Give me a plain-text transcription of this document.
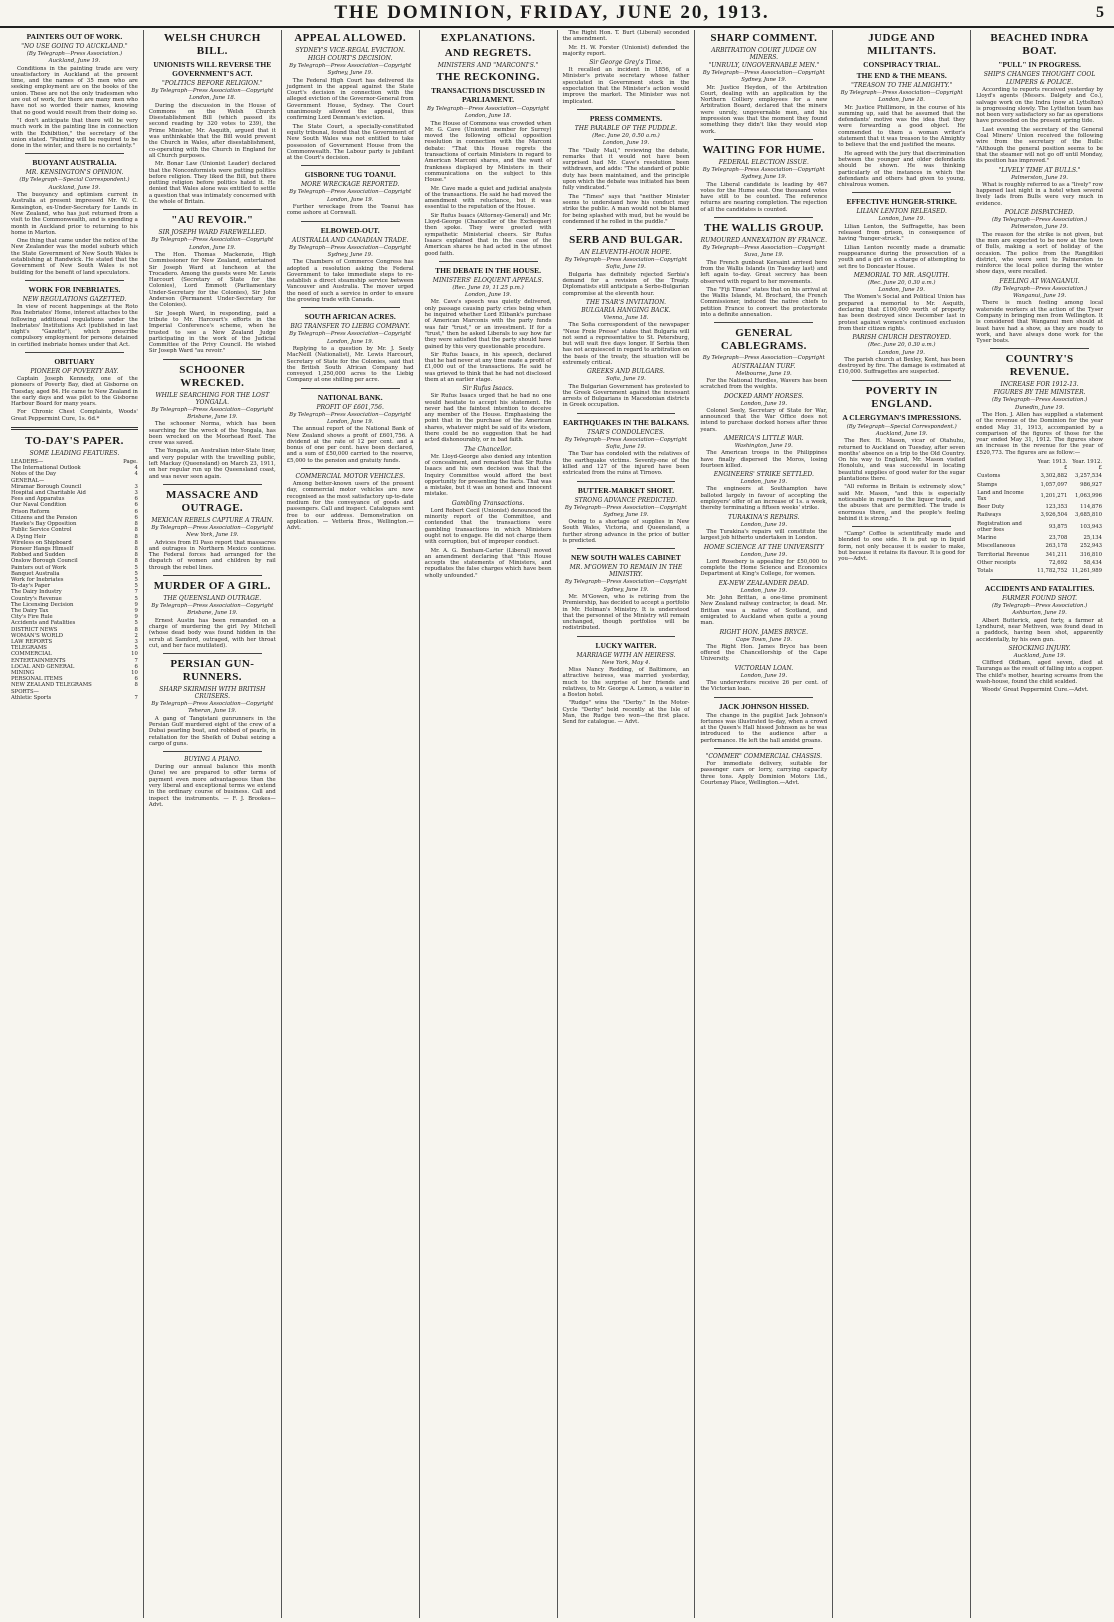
THE DOMINION, FRIDAY, JUNE 20, 1913.	5
PAINTERS OUT OF WORK.
"NO USE GOING TO AUCKLAND."
(By Telegraph—Press Association.)
Auckland, June 19.

Conditions in the painting trade are very unsatisfactory in Auckland at the present time, and the names of 35 men who are seeking employment are on the books of the union. These are not the only tradesmen who are out of work, for there are many men who have not so worded their names, knowing that no good would result from their doing so.

"I don't anticipate that there will be very much work in the painting line in connection with the Exhibition," the secretary of the union stated. "Painting will be required to be done in the winter, and there is no certainty."

BUOYANT AUSTRALIA.
MR. KENSINGTON'S OPINION.
(By Telegraph—Special Correspondent.)
Auckland, June 19.

The buoyancy and optimism current in Australia at present impressed Mr. W. C. Kensington, ex-Under-Secretary for Lands in New Zealand, who has just returned from a visit to the Commonwealth, and is spending a month in Auckland prior to returning to his home in Marton.

One thing that came under the notice of the New Zealander was the model suburb which the State Government of New South Wales is establishing at Randwick. He stated that the Government of New South Wales is not building for the benefit of land speculators.

WORK FOR INEBRIATES.
NEW REGULATIONS GAZETTED.

In view of recent happenings at the Roto Roa Inebriates' Home, interest attaches to the following additional regulations under the Inebriates' Institutions Act (published in last night's "Gazette"), which prescribe compulsory employment for persons detained in certified inebriate homes under that Act.

OBITUARY
PIONEER OF POVERTY BAY.

Captain Joseph Kennedy, one of the pioneers of Poverty Bay, died at Gisborne on Tuesday, aged 84. He came to New Zealand in the early days and was pilot to the Gisborne Harbour Board for many years.

For Chronic Chest Complaints, Woods' Great Peppermint Cure, 1s. 6d.*

TO-DAY'S PAPER.
SOME LEADING FEATURES.
LEADERS—	Page.
The International Outlook	4
Notes of the Day	4
GENERAL—
Miramar Borough Council	3
Hospital and Charitable Aid	3
Fees and Apparatus	6
Our Naval Condition	6
Prison Reform	6
Citizens and the Pension	6
Hawke's Bay Opposition	8
Public Service Control	8
A Dying Heir	8
Wireless on Shipboard	8
Pioneer Hangs Himself	8
Robbed and Sudden	8
Onslow Borough Council	8
Painters out of Work	5
Banquet Australia	5
Work for Inebriates	5
To-day's Paper	5
The Dairy Industry	7
Country's Revenue	5
The Licensing Decision	9
The Dairy Tax	9
City's Fire Rule	9
Accidents and Fatalities	5
DISTRICT NEWS	8
WOMAN'S WORLD	2
LAW REPORTS	3
TELEGRAMS	5
COMMERCIAL	10
ENTERTAINMENTS	7
LOCAL AND GENERAL	6
MINING	10
PERSONAL ITEMS	6
NEW ZEALAND TELEGRAMS	8
SPORTS—
Athletic Sports	7
WELSH CHURCH BILL.
UNIONISTS WILL REVERSE THE GOVERNMENT'S ACT.
"POLITICS BEFORE RELIGION."
By Telegraph—Press Association—Copyright
London, June 18.

During the discussion in the House of Commons on the Welsh Church Disestablishment Bill (which passed its second reading by 320 votes to 239), the Prime Minister, Mr. Asquith, argued that it was unthinkable that the Bill would prevent the Church in Wales, after disestablishment, co-operating with the Church in England for all Church purposes.

Mr. Bonar Law (Unionist Leader) declared that the Nonconformists were putting politics before religion. They liked the Bill, but there putting religion before politics hated it. He denied that Wales alone was entitled to settle a question that was intimately concerned with the whole of Britain.

"AU REVOIR."
SIR JOSEPH WARD FAREWELLED.
By Telegraph—Press Association—Copyright
London, June 19.

The Hon. Thomas Mackenzie, High Commissioner for New Zealand, entertained Sir Joseph Ward at luncheon at the Trocadero. Among the guests were Mr. Lewis Harcourt (Secretary of State for the Colonies), Lord Emmott (Parliamentary Under-Secretary for the Colonies), Sir John Anderson (Permanent Under-Secretary for the Colonies).

Sir Joseph Ward, in responding, paid a tribute to Mr. Harcourt's efforts in the Imperial Conference's scheme, when he trusted to see a New Zealand Judge participating in the work of the Judicial Committee of the Privy Council. He wished Sir Joseph Ward "au revoir."

SCHOONER WRECKED.
WHILE SEARCHING FOR THE LOST YONGALA.
By Telegraph—Press Association—Copyright
Brisbane, June 19.

The schooner Norma, which has been searching for the wreck of the Yongala, has been wrecked on the Moorhead Reef. The crew was saved.

The Yongala, an Australian inter-State liner, and very popular with the travelling public, left Mackay (Queensland) on March 23, 1911, on her regular run up the Queensland coast, and was never seen again.

MASSACRE AND OUTRAGE.
MEXICAN REBELS CAPTURE A TRAIN.
By Telegraph—Press Association—Copyright
New York, June 19.

Advices from El Paso report that massacres and outrages in Northern Mexico continue. The Federal forces had arranged for the dispatch of women and children by rail through the rebel lines.

MURDER OF A GIRL.
THE QUEENSLAND OUTRAGE.
By Telegraph—Press Association—Copyright
Brisbane, June 19.

Ernest Austin has been remanded on a charge of murdering the girl Ivy Mitchell (whose dead body was found hidden in the scrub at Samford, outraged, with her throat cut, and her face mutilated).

PERSIAN GUN-RUNNERS.
SHARP SKIRMISH WITH BRITISH CRUISERS.
By Telegraph—Press Association—Copyright
Teheran, June 19.

A gang of Tangistani gunrunners in the Persian Gulf murdered eight of the crew of a Dubai pearling boat, and robbed of pearls, in retaliation for the Sheikh of Dubai seizing a cargo of guns.

BUYING A PIANO.

During our annual balance this month (June) we are prepared to offer terms of payment even more advantageous than the very liberal and exceptional terms we extend in the ordinary course of business. Call and inspect the instruments. — F. J. Brookes—Advt.

APPEAL ALLOWED.
SYDNEY'S VICE-REGAL EVICTION.
HIGH COURT'S DECISION.
By Telegraph—Press Association—Copyright
Sydney, June 19.

The Federal High Court has delivered its judgment in the appeal against the State Court's decision in connection with the alleged eviction of the Governor-General from Government House, Sydney. The Court unanimously allowed the appeal, thus confirming Lord Denman's eviction.

The State Court, a specially-constituted equity tribunal, found that the Government of New South Wales was not entitled to take possession of Government House from the Commonwealth. The Labour party is jubilant at the Court's decision.

GISBORNE TUG TOANUI.
MORE WRECKAGE REPORTED.
By Telegraph—Press Association—Copyright
London, June 19.

Further wreckage from the Toanui has come ashore at Cornwall.

ELBOWED-OUT.
AUSTRALIA AND CANADIAN TRADE.
By Telegraph—Press Association—Copyright
Sydney, June 19.

The Chambers of Commerce Congress has adopted a resolution asking the Federal Government to take immediate steps to re-establish a direct steamship service between Vancouver and Australia. The mover urged the need of such a service in order to ensure the growing trade with Canada.

SOUTH AFRICAN ACRES.
BIG TRANSFER TO LIEBIG COMPANY.
By Telegraph—Press Association—Copyright
London, June 19.

Replying to a question by Mr. J. Seely MacNeill (Nationalist), Mr. Lewis Harcourt, Secretary of State for the Colonies, said that the British South African Company had conveyed 1,250,000 acres to the Liebig Company at one shilling per acre.

NATIONAL BANK.
PROFIT OF £601,756.
By Telegraph—Press Association—Copyright
London, June 19.

The annual report of the National Bank of New Zealand shows a profit of £601,756. A dividend at the rate of 12 per cent. and a bonus of one per cent. have been declared, and a sum of £50,000 carried to the reserve, £5,000 to the pension and gratuity funds.

COMMERCIAL MOTOR VEHICLES.

Among better-known users of the present day, commercial motor vehicles are now recognised as the most satisfactory up-to-date medium for the conveyance of goods and passengers. Call and inspect. Catalogues sent free to our address. Demonstration on application. — Vetteria Bros., Wellington.—Advt.

EXPLANATIONS.
AND REGRETS.
MINISTERS AND "MARCONI'S."
THE RECKONING.
TRANSACTIONS DISCUSSED IN PARLIAMENT.
By Telegraph—Press Association—Copyright
London, June 18.

The House of Commons was crowded when Mr. G. Cave (Unionist member for Surrey) moved the following official opposition resolution in connection with the Marconi debate: "That this House regrets the transactions of certain Ministers in regard to American Marconi shares, and the want of frankness displayed by Ministers in their communications on the subject to this House."

Mr. Cave made a quiet and judicial analysis of the transactions. He said he had moved the amendment with reluctance, but it was essential to the reputation of the House.

Sir Rufus Isaacs (Attorney-General) and Mr. Lloyd-George (Chancellor of the Exchequer) then spoke. They were greeted with sympathetic Ministerial cheers. Sir Rufus Isaacs explained that in the case of the American shares he had acted in the utmost good faith.

THE DEBATE IN THE HOUSE.
MINISTERS' ELOQUENT APPEALS.
(Rec. June 19, 11.25 p.m.)
London, June 19.

Mr. Cave's speech was quietly delivered, only passage causing party cries being when he inquired whether Lord Elibank's purchase of American Marconis with the party funds was fair "trust," or an investment. If for a "trust," then he asked Liberals to say how far they were satisfied that the party should have gained by this very questionable procedure.

Sir Rufus Isaacs, in his speech, declared that he had never at any time made a profit of £1,000 out of the transactions. He said he was grieved to think that he had not disclosed them at an earlier stage.

Sir Rufus Isaacs.

Sir Rufus Isaacs urged that he had no one would hesitate to accept his statement. He never had the faintest intention to deceive any member of the House. Emphasising the point that in the purchase of the American shares, whatever might be said of its wisdom, there could be no suggestion that he had acted dishonourably, or in bad faith.

The Chancellor.

Mr. Lloyd-George also denied any intention of concealment, and remarked that Sir Rufus Isaacs and his own decision was that the Inquiry Committee would afford the best opportunity for presenting the facts. That was a mistake, but it was an honest and innocent mistake.

Gambling Transactions.

Lord Robert Cecil (Unionist) denounced the minority report of the Committee, and contended that the transactions were gambling transactions in which Ministers ought not to engage. He did not charge them with corruption, but of improper conduct.

Mr. A. G. Bonham-Carter (Liberal) moved an amendment declaring that "this House accepts the statements of Ministers, and repudiates the false charges which have been wholly unfounded."

The Right Hon. T. Burt (Liberal) seconded the amendment.

Mr. H. W. Forster (Unionist) defended the majority report.

Sir George Grey's Time.

It recalled an incident in 1856, of a Minister's private secretary whose father speculated in Government stock in the expectation that the Minister's action would improve the market. The Minister was not implicated.

PRESS COMMENTS.
THE PARABLE OF THE PUDDLE.
(Rec. June 20, 0.50 a.m.)
London, June 19.

The "Daily Mail," reviewing the debate, remarks that it would not have been surprised had Mr. Cave's resolution been withdrawn, and adds: "The standard of public duty has been maintained, and the principle upon which the debate was initiated has been fully vindicated."

The "Times" says that "neither Minister seems to understand how his conduct may strike the public. A man would not be blamed for being splashed with mud, but he would be condemned if he rolled in the puddle."

SERB AND BULGAR.
AN ELEVENTH-HOUR HOPE.
By Telegraph—Press Association—Copyright
Sofia, June 19.

Bulgaria has definitely rejected Serbia's demand for a revision of the Treaty. Diplomatists still anticipate a Serbo-Bulgarian compromise at the eleventh hour.

THE TSAR'S INVITATION.
BULGARIA HANGING BACK.
Vienna, June 18.

The Sofia correspondent of the newspaper "Neue Freie Presse" states that Bulgaria will not send a representative to St. Petersburg, but will wait five days longer. If Serbia then has not acquiesced in regard to arbitration on the basis of the treaty, the situation will be extremely critical.

GREEKS AND BULGARS.
Sofia, June 19.

The Bulgarian Government has protested to the Greek Government against the incessant arrests of Bulgarians in Macedonian districts in Greek occupation.

EARTHQUAKES IN THE BALKANS.
TSAR'S CONDOLENCES.
By Telegraph—Press Association—Copyright
Sofia, June 19.

The Tsar has condoled with the relatives of the earthquake victims. Seventy-one of the killed and 127 of the injured have been extricated from the ruins at Tirnovo.

BUTTER-MARKET SHORT.
STRONG ADVANCE PREDICTED.
By Telegraph—Press Association—Copyright
Sydney, June 19.

Owing to a shortage of supplies in New South Wales, Victoria, and Queensland, a further strong advance in the price of butter is predicted.

NEW SOUTH WALES CABINET
MR. M'GOWEN TO REMAIN IN THE MINISTRY.
By Telegraph—Press Association—Copyright
Sydney, June 19.

Mr. M'Gowen, who is retiring from the Premiership, has decided to accept a portfolio in Mr. Holman's Ministry. It is understood that the personnel of the Ministry will remain unchanged, though portfolios will be redistributed.

LUCKY WAITER.
MARRIAGE WITH AN HEIRESS.
New York, May 4.

Miss Nancy Redding, of Baltimore, an attractive heiress, was married yesterday, much to the surprise of her friends and relatives, to Mr. George A. Lemon, a waiter in a Boston hotel.

"Rudge" wins the "Derby." In the Motor-Cycle "Derby" held recently at the Isle of Man, the Rudge two won—the first place. Send for catalogue. — Advt.

SHARP COMMENT.
ARBITRATION COURT JUDGE ON MINERS.
"UNRULY, UNGOVERNABLE MEN."
By Telegraph—Press Association—Copyright
Sydney, June 19.

Mr. Justice Heydon, of the Arbitration Court, dealing with an application by the Northern Colliery employees for a new Arbitration Board, declared that the miners were unruly, ungovernable men, and his impression was that the moment they found something they didn't like they would stop work.

WAITING FOR HUME.
FEDERAL ELECTION ISSUE.
By Telegraph—Press Association—Copyright
Sydney, June 19.

The Liberal candidate is leading by 467 votes for the Hume seat. One thousand votes have still to be counted. The reference returns are nearing completion. The rejection of all the candidates is counted.

THE WALLIS GROUP.
RUMOURED ANNEXATION BY FRANCE.
By Telegraph—Press Association—Copyright
Suva, June 19.

The French gunboat Kersaint arrived here from the Wallis Islands (in Tuesday last) and left again to-day. Great secrecy has been observed with regard to her movements.

The "Fiji Times" states that on his arrival at the Wallis Islands, M. Brochard, the French Commissioner, induced the native chiefs to petition France to convert the protectorate into a definite annexation.

GENERAL CABLEGRAMS.
By Telegraph—Press Association—Copyright
AUSTRALIAN TURF.
Melbourne, June 19.

For the National Hurdles, Wavers has been scratched from the weights.

DOCKED ARMY HORSES.
London, June 19.

Colonel Seely, Secretary of State for War, announced that the War Office does not intend to purchase docked horses after three years.

AMERICA'S LITTLE WAR.
Washington, June 19.

The American troops in the Philippines have finally dispersed the Moros, losing fourteen killed.

ENGINEERS' STRIKE SETTLED.
London, June 19.

The engineers at Southampton have balloted largely in favour of accepting the employers' offer of an increase of 1s. a week, thereby terminating a fifteen weeks' strike.

TURAKINA'S REPAIRS.
London, June 19.

The Turakina's repairs will constitute the largest job hitherto undertaken in London.

HOME SCIENCE AT THE UNIVERSITY
London, June 19.

Lord Rosebery is appealing for £50,000 to complete the Home Science and Economics Department at King's College, for women.

EX-NEW ZEALANDER DEAD.
London, June 19.

Mr. John Brittan, a one-time prominent New Zealand railway contractor, is dead. Mr. Brittan was a native of Scotland, and emigrated to Auckland when quite a young man.

RIGHT HON. JAMES BRYCE.
Cape Town, June 19.

The Right Hon. James Bryce has been offered the Chancellorship of the Cape University.

VICTORIAN LOAN.
London, June 19.

The underwriters receive 26 per cent. of the Victorian loan.

JACK JOHNSON HISSED.

The change in the pugilist Jack Johnson's fortunes was illustrated to-day, when a crowd at the Queen's Hall hissed Johnson as he was introduced to the audience after a performance. He left the hall amidst groans.

"COMMER" COMMERCIAL CHASSIS.

For immediate delivery, suitable for passenger cars or lorry, carrying capacity three tons. Apply Dominion Motors Ltd., Courtenay Place, Wellington.—Advt.

JUDGE AND MILITANTS.
CONSPIRACY TRIAL.
THE END & THE MEANS.
"TREASON TO THE ALMIGHTY."
By Telegraph—Press Association—Copyright
London, June 18.

Mr. Justice Phillimore, in the course of his summing up, said that he assumed that the defendants' motive was the idea that they were forwarding a good object. He commended to them a woman writer's statement that it was treason to the Almighty to believe that the end justified the means.

He agreed with the jury that discrimination between the younger and older defendants should be shown. He was thinking particularly of the instances in which the defendants and others had given to young, chivalrous women.

EFFECTIVE HUNGER-STRIKE.
LILIAN LENTON RELEASED.
London, June 19.

Lilian Lenton, the Suffragette, has been released from prison, in consequence of having "hunger-struck."

Lilian Lenton recently made a dramatic reappearance during the prosecution of a youth and a girl on a charge of attempting to set fire to Doncaster House.

MEMORIAL TO MR. ASQUITH.
(Rec. June 20, 0.30 a.m.)
London, June 19.

The Women's Social and Political Union has prepared a memorial to Mr. Asquith, declaring that £100,000 worth of property has been destroyed since December last in protest against women's continued exclusion from their citizen rights.

PARISH CHURCH DESTROYED.
(Rec. June 20, 0.30 a.m.)
London, June 19.

The parish church at Bexley, Kent, has been destroyed by fire. The damage is estimated at £10,000. Suffragettes are suspected.

POVERTY IN ENGLAND.
A CLERGYMAN'S IMPRESSIONS.
(By Telegraph—Special Correspondent.)
Auckland, June 19.

The Rev. H. Mason, vicar of Otahuhu, returned to Auckland on Tuesday, after seven months' absence on a trip to the Old Country. On his way to England, Mr. Mason visited Honolulu, and was successful in locating beautiful supplies of good water for the sugar plantations there.

"All reforms in Britain is extremely slow," said Mr. Mason, "and this is especially noticeable in regard to the liquor trade, and the abuses that are permitted. The trade is enormous there, and the people's feeling behind it is strong."

"Camp" Coffee is scientifically made and blended to one side. It is put up in liquid form, not only because it is easier to make, but because it retains its flavour. It is good for you—Advt.

BEACHED INDRA BOAT.
"PULL" IN PROGRESS.
SHIP'S CHANGES THOUGHT COOL
LUMPERS & POLICE.

According to reports received yesterday by Lloyd's agents (Messrs. Dalgety and Co.), salvage work on the Indra (now at Lyttelton) is progressing slowly. The Lyttelton team has not been very satisfactory so far as operations have proceeded on the present spring tide.

Last evening the secretary of the General Coal Miners' Union received the following wire from the secretary of the Bulls: "Although the general position seems to be that the steamer will not go off until Monday, its position has improved."

"LIVELY TIME AT BULLS."
Palmerston, June 19.

What is roughly referred to as a "lively" row happened last night in a hotel when several lively lads from Bulls were very much in evidence.

POLICE DISPATCHED.
(By Telegraph—Press Association.)
Palmerston, June 19.

The reason for the strike is not given, but the men are expected to be now at the town of Bulls, making a sort of holiday of the occasion. The police from the Rangitikei district, who were sent to Palmerston to reinforce the local police during the winter show days, were recalled.

FEELING AT WANGANUI.
(By Telegraph—Press Association.)
Wanganui, June 19.

There is much feeling among local waterside workers at the action of the Tyser Company in bringing men from Wellington. It is considered that Wanganui men should at least have had a show, as they are ready to work, and have always done work for the Tyser boats.

COUNTRY'S REVENUE.
INCREASE FOR 1912-13.
FIGURES BY THE MINISTER.
(By Telegraph—Press Association.)
Dunedin, June 19.

The Hon. J. Allen has supplied a statement of the revenue of the Dominion for the year ended May 31, 1913, accompanied by a comparison of the figures of those for the year ended May 31, 1912. The figures show an increase in the revenue for the year of £520,773. The figures are as follow:—

	Year. 1913. £	Year. 1912. £
Customs	3,302,882	3,257,534
Stamps	1,057,097	986,927
Land and Income Tax	1,201,271	1,063,996
Beer Duty	123,353	114,876
Railways	3,926,504	3,685,810
Registration and other fees	93,875	103,943
Marine	23,708	25,134
Miscellaneous	263,178	252,943
Territorial Revenue	341,211	316,810
Other receipts	72,692	58,434
Totals	11,782,752	11,261,989
ACCIDENTS AND FATALITIES.
FARMER FOUND SHOT.
(By Telegraph—Press Association.)
Ashburton, June 19.

Albert Butterick, aged forty, a farmer at Lyndhurst, near Methven, was found dead in a paddock, having been shot, apparently accidentally, by his own gun.

SHOCKING INJURY.
Auckland, June 19.

Clifford Oldham, aged seven, died at Tauranga as the result of falling into a copper. The child's mother, hearing screams from the wash-house, found the child scalded.

Woods' Great Peppermint Cure.—Advt.
